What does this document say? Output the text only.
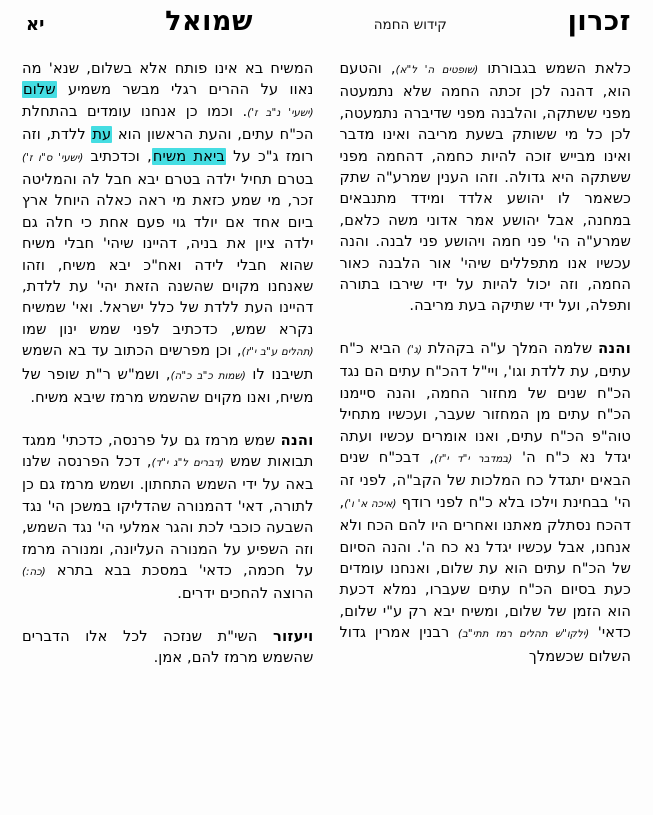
זכרון
קידוש החמה
שמואל
יא
כלאת השמש בגבורתו (שופטים ה' ל"א), והטעם הוא, דהנה לכן זכתה החמה שלא נתמעטה מפני ששתקה, והלבנה מפני שדיברה נתמעטה, לכן כל מי ששותק בשעת מריבה ואינו מדבר ואינו מבייש זוכה להיות כחמה, דהחמה מפני ששתקה היא גדולה. וזהו הענין שמרע"ה שתק כשאמר לו יהושע אלדד ומידד מתנבאים במחנה, אבל יהושע אמר אדוני משה כלאם, שמרע"ה הי' פני חמה ויהושע פני לבנה. והנה עכשיו אנו מתפללים שיהי' אור הלבנה כאור החמה, וזה יכול להיות על ידי שירבו בתורה ותפלה, ועל ידי שתיקה בעת מריבה.
והנה שלמה המלך ע"ה בקהלת (ג') הביא כ"ח עתים, עת ללדת וגו', ויי"ל דהכ"ח עתים הם נגד הכ"ח שנים של מחזור החמה, והנה סיימנו הכ"ח עתים מן המחזור שעבר, ועכשיו מתחיל טוה"פ הכ"ח עתים, ואנו אומרים עכשיו ועתה יגדל נא כ"ח ה' (במדבר י"ד י"ז), דבכ"ח שנים הבאים יתגדל כח המלכות של הקב"ה, לפני זה הי' בבחינת וילכו בלא כ"ח לפני רודף (איכה א' ו'), דהכח נסתלק מאתנו ואחרים היו להם הכח ולא אנחנו, אבל עכשיו יגדל נא כח ה'. והנה הסיום של הכ"ח עתים הוא עת שלום, ואנחנו עומדים כעת בסיום הכ"ח עתים שעברו, נמלא דכעת הוא הזמן של שלום, ומשיח יבא רק ע"י שלום, כדאי' (ילקו"ש תהלים רמז תתי"ב) רבנין אמרין גדול השלום שכשמלך
המשיח בא אינו פותח אלא בשלום, שנא' מה נאוו על ההרים רגלי מבשר משמיע שלום (ישעי' נ"ב ז'). וכמו כן אנחנו עומדים בהתחלת הכ"ח עתים, והעת הראשון הוא עת ללדת, וזה רומז ג"כ על ביאת משיח, וכדכתיב (ישעי' ס"ו ז') בטרם תחיל ילדה בטרם יבא חבל לה והמליטה זכר, מי שמע כזאת מי ראה כאלה היוחל ארץ ביום אחד אם יולד גוי פעם אחת כי חלה גם ילדה ציון את בניה, דהיינו שיהי' חבלי משיח שהוא חבלי לידה ואח"כ יבא משיח, וזהו שאנחנו מקוים שהשנה הזאת יהי' עת ללדת, דהיינו העת ללדת של כלל ישראל. ואי' שמשיח נקרא שמש, כדכתיב לפני שמש ינון שמו (תהלים ע"ב י"ז), וכן מפרשים הכתוב עד בא השמש תשיבנו לו (שמות כ"ב כ"ה), ושמ"ש ר"ת שופר של משיח, ואנו מקוים שהשמש מרמז שיבא משיח.
והנה שמש מרמז גם על פרנסה, כדכתי' ממגד תבואות שמש (דברים ל"ג י"ד), דכל הפרנסה שלנו באה על ידי השמש התחתון. ושמש מרמז גם כן לתורה, דאי' דהמנורה שהדליקו במשכן הי' נגד השבעה כוכבי לכת והגר אמלעי הי' נגד השמש, וזה השפיע על המנורה העליונה, ומנורה מרמז על חכמה, כדאי' במסכת בבא בתרא (כה:) הרוצה להחכים ידרים.
ויעזור השי"ת שנזכה לכל אלו הדברים שהשמש מרמז להם, אמן.
